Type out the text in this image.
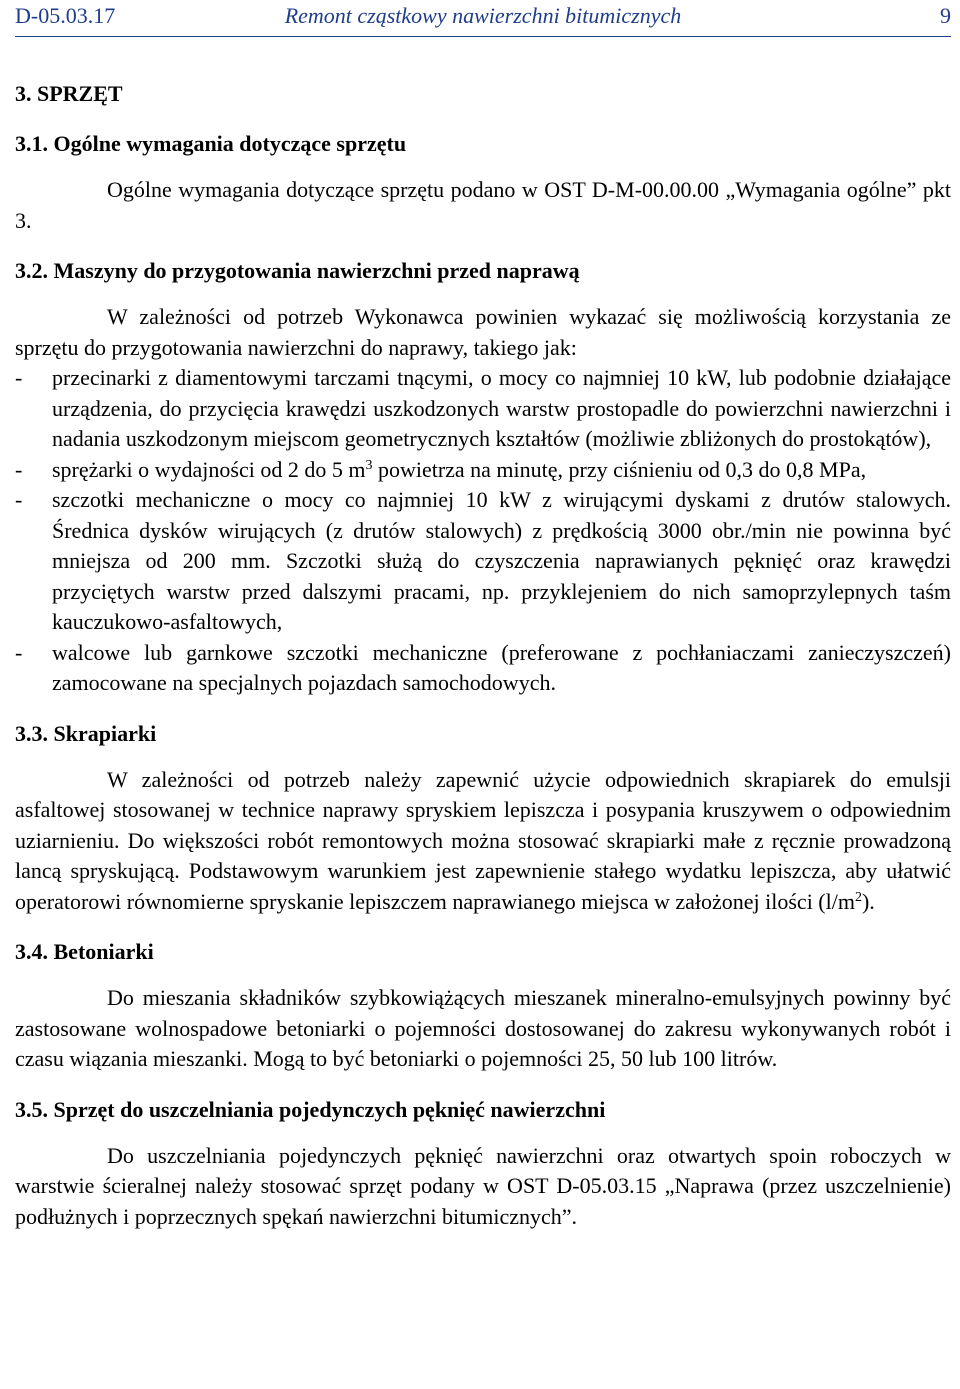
D-05.03.17	Remont cząstkowy nawierzchni bitumicznych	9
3. SPRZĘT
3.1. Ogólne wymagania dotyczące sprzętu

Ogólne wymagania dotyczące sprzętu podano w OST D-M-00.00.00 „Wymagania ogólne” pkt 3.

3.2. Maszyny do przygotowania nawierzchni przed naprawą

W zależności od potrzeb Wykonawca powinien wykazać się możliwością korzystania ze sprzętu do przygotowania nawierzchni do naprawy, takiego jak:

- przecinarki z diamentowymi tarczami tnącymi, o mocy co najmniej 10 kW, lub podobnie działające urządzenia, do przycięcia krawędzi uszkodzonych warstw prostopadle do powierzchni nawierzchni i nadania uszkodzonym miejscom geometrycznych kształtów (możliwie zbliżonych do prostokątów),
- sprężarki o wydajności od 2 do 5 $m^3$ powietrza na minutę, przy ciśnieniu od 0,3 do 0,8 MPa,
- szczotki mechaniczne o mocy co najmniej 10 kW z wirującymi dyskami z drutów stalowych. Średnica dysków wirujących (z drutów stalowych) z prędkością 3000 obr./min nie powinna być mniejsza od 200 mm. Szczotki służą do czyszczenia naprawianych pęknięć oraz krawędzi przyciętych warstw przed dalszymi pracami, np. przyklejeniem do nich samoprzylepnych taśm kauczukowo-asfaltowych,
- walcowe lub garnkowe szczotki mechaniczne (preferowane z pochłaniaczami zanieczyszczeń) zamocowane na specjalnych pojazdach samochodowych.
3.3. Skrapiarki

W zależności od potrzeb należy zapewnić użycie odpowiednich skrapiarek do emulsji asfaltowej stosowanej w technice naprawy spryskiem lepiszcza i posypania kruszywem o odpowiednim uziarnieniu. Do większości robót remontowych można stosować skrapiarki małe z ręcznie prowadzoną lancą spryskującą. Podstawowym warunkiem jest zapewnienie stałego wydatku lepiszcza, aby ułatwić operatorowi równomierne spryskanie lepiszczem naprawianego miejsca w założonej ilości $(l/m^2)$.

3.4. Betoniarki

Do mieszania składników szybkowiążących mieszanek mineralno-emulsyjnych powinny być zastosowane wolnospadowe betoniarki o pojemności dostosowanej do zakresu wykonywanych robót i czasu wiązania mieszanki. Mogą to być betoniarki o pojemności 25, 50 lub 100 litrów.

3.5. Sprzęt do uszczelniania pojedynczych pęknięć nawierzchni

Do uszczelniania pojedynczych pęknięć nawierzchni oraz otwartych spoin roboczych w warstwie ścieralnej należy stosować sprzęt podany w OST D-05.03.15 „Naprawa (przez uszczelnienie) podłużnych i poprzecznych spękań nawierzchni bitumicznych”.
